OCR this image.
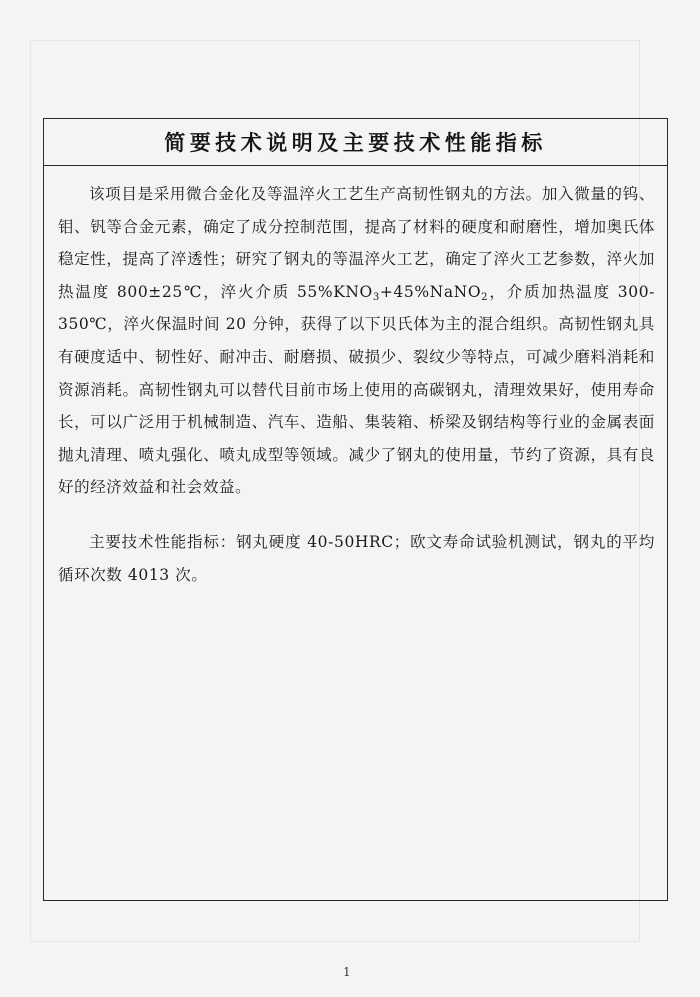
简要技术说明及主要技术性能指标

该项目是采用微合金化及等温淬火工艺生产高韧性钢丸的方法。加入微量的钨、钼、钒等合金元素，确定了成分控制范围，提高了材料的硬度和耐磨性，增加奥氏体稳定性，提高了淬透性；研究了钢丸的等温淬火工艺，确定了淬火工艺参数，淬火加热温度 800±25℃，淬火介质 $55\%KNO_3+45\%NaNO_2$，介质加热温度 300-350℃，淬火保温时间 20 分钟，获得了以下贝氏体为主的混合组织。高韧性钢丸具有硬度适中、韧性好、耐冲击、耐磨损、破损少、裂纹少等特点，可减少磨料消耗和资源消耗。高韧性钢丸可以替代目前市场上使用的高碳钢丸，清理效果好，使用寿命长，可以广泛用于机械制造、汽车、造船、集装箱、桥梁及钢结构等行业的金属表面抛丸清理、喷丸强化、喷丸成型等领域。减少了钢丸的使用量，节约了资源，具有良好的经济效益和社会效益。

主要技术性能指标：钢丸硬度 40-50HRC；欧文寿命试验机测试，钢丸的平均循环次数 4013 次。

1
